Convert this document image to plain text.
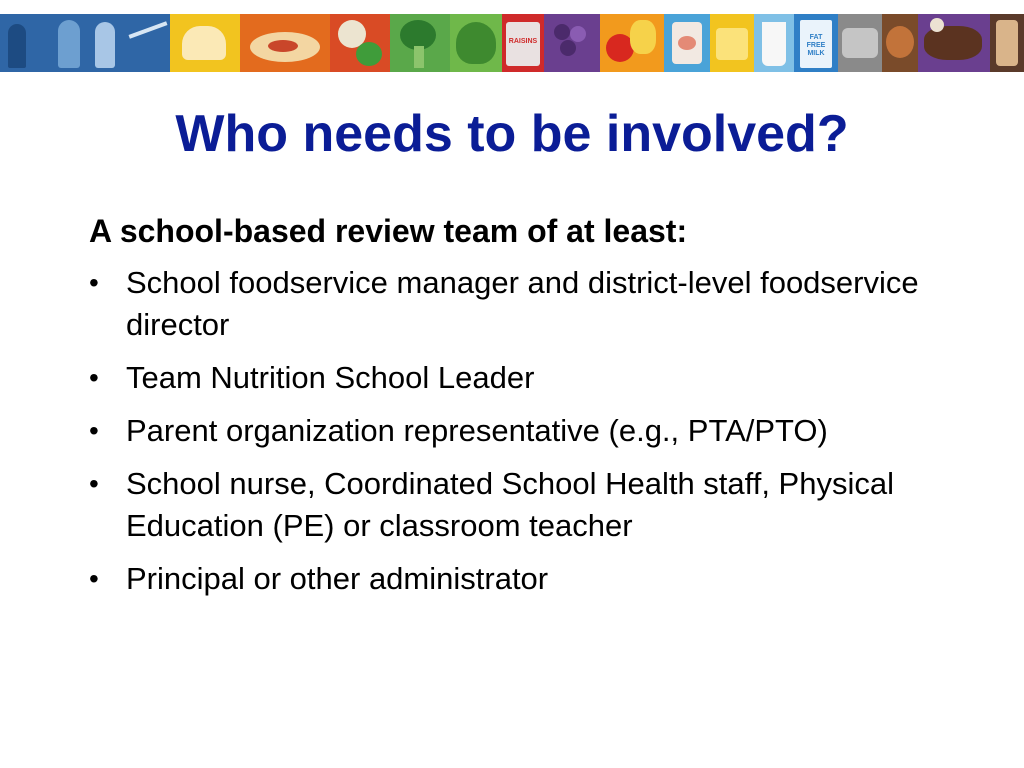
RAISINS
FAT FREE MILK
Who needs to be involved?

A school-based review team of at least:

• School foodservice manager and district-level foodservice director
• Team Nutrition School Leader
• Parent organization representative (e.g., PTA/PTO)
• School nurse, Coordinated School Health staff, Physical Education (PE) or classroom teacher
• Principal or other administrator
